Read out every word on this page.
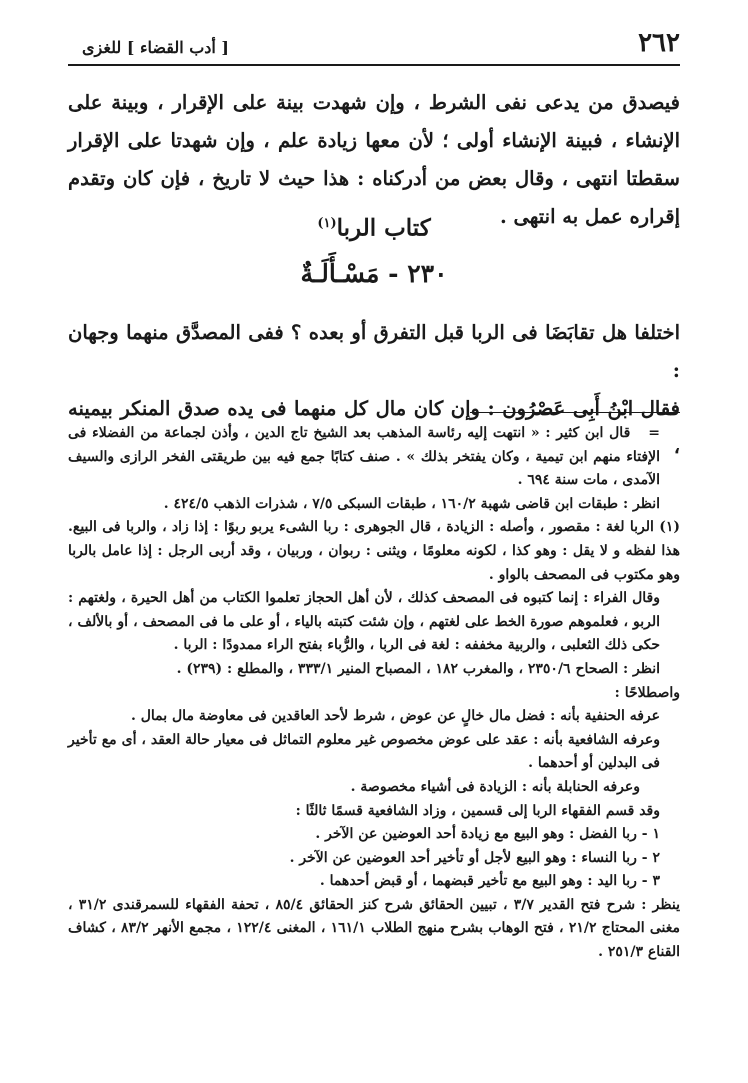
٢٦٢
[ أدب القضاء ] للغزى

فيصدق من يدعى نفى الشرط ، وإن شهدت بينة على الإقرار ، وبينة على الإنشاء ، فبينة الإنشاء أولى ؛ لأن معها زيادة علم ، وإن شهدتا على الإقرار سقطتا انتهى ، وقال بعض من أدركناه : هذا حيث لا تاريخ ، فإن كان وتقدم إقراره عمل به انتهى .

كتاب الربا$^{(١)}$
٢٣٠ - مَسْـأَلَـةٌ

اختلفا هل تقابَضَا فى الربا قبل التفرق أو بعده ؟ ففى المصدَّق منهما وجهان :

فقال ابْنُ أَبِى عَصْرُون : وإن كان مال كل منهما فى يده صدق المنكر بيمينه ،

=قال ابن كثير : « انتهت إليه رئاسة المذهب بعد الشيخ تاج الدين ، وأذن لجماعة من الفضلاء فى الإفتاء منهم ابن تيمية ، وكان يفتخر بذلك » . صنف كتابًا جمع فيه بين طريقتى الفخر الرازى والسيف الآمدى ، مات سنة ٦٩٤ .

انظر : طبقات ابن قاضى شهبة ١٦٠/٢ ، طبقات السبكى ٧/٥ ، شذرات الذهب ٤٢٤/٥ .

(١) الربا لغة : مقصور ، وأصله : الزيادة ، قال الجوهرى : ربا الشىء يربو ربوًا : إذا زاد ، والربا فى البيع. هذا لفظه و لا يقل : وهو كذا ، لكونه معلومًا ، ويثنى : ربوان ، وربيان ، وقد أربى الرجل : إذا عامل بالربا وهو مكتوب فى المصحف بالواو .

وقال الفراء : إنما كتبوه فى المصحف كذلك ، لأن أهل الحجاز تعلموا الكتاب من أهل الحيرة ، ولغتهم : الربو ، فعلموهم صورة الخط على لغتهم ، وإن شئت كتبته بالياء ، أو على ما فى المصحف ، أو بالألف ، حكى ذلك الثعلبى ، والربية مخففه : لغة فى الربا ، والرُّباء بفتح الراء ممدودًا : الربا .

انظر : الصحاح ٢٣٥٠/٦ ، والمغرب ١٨٢ ، المصباح المنير ٣٣٣/١ ، والمطلع : (٢٣٩) .

واصطلاحًا :

عرفه الحنفية بأنه : فضل مال خالٍ عن عوض ، شرط لأحد العاقدين فى معاوضة مال بمال .

وعرفه الشافعية بأنه : عقد على عوض مخصوص غير معلوم التماثل فى معيار حالة العقد ، أى مع تأخير فى البدلين أو أحدهما .

وعرفه الحنابلة بأنه : الزيادة فى أشياء مخصوصة .

وقد قسم الفقهاء الربا إلى قسمين ، وزاد الشافعية قسمًا ثالثًا :

١ - ربا الفضل : وهو البيع مع زيادة أحد العوضين عن الآخر .

٢ - ربا النساء : وهو البيع لأجل أو تأخير أحد العوضين عن الآخر .

٣ - ربا اليد : وهو البيع مع تأخير قبضهما ، أو قبض أحدهما .

ينظر : شرح فتح القدير ٣/٧ ، تبيين الحقائق شرح كنز الحقائق ٨٥/٤ ، تحفة الفقهاء للسمرقندى ٣١/٢ ، مغنى المحتاج ٢١/٢ ، فتح الوهاب بشرح منهج الطلاب ١٦١/١ ، المغنى ١٢٢/٤ ، مجمع الأنهر ٨٣/٢ ، كشاف القناع ٢٥١/٣ .
